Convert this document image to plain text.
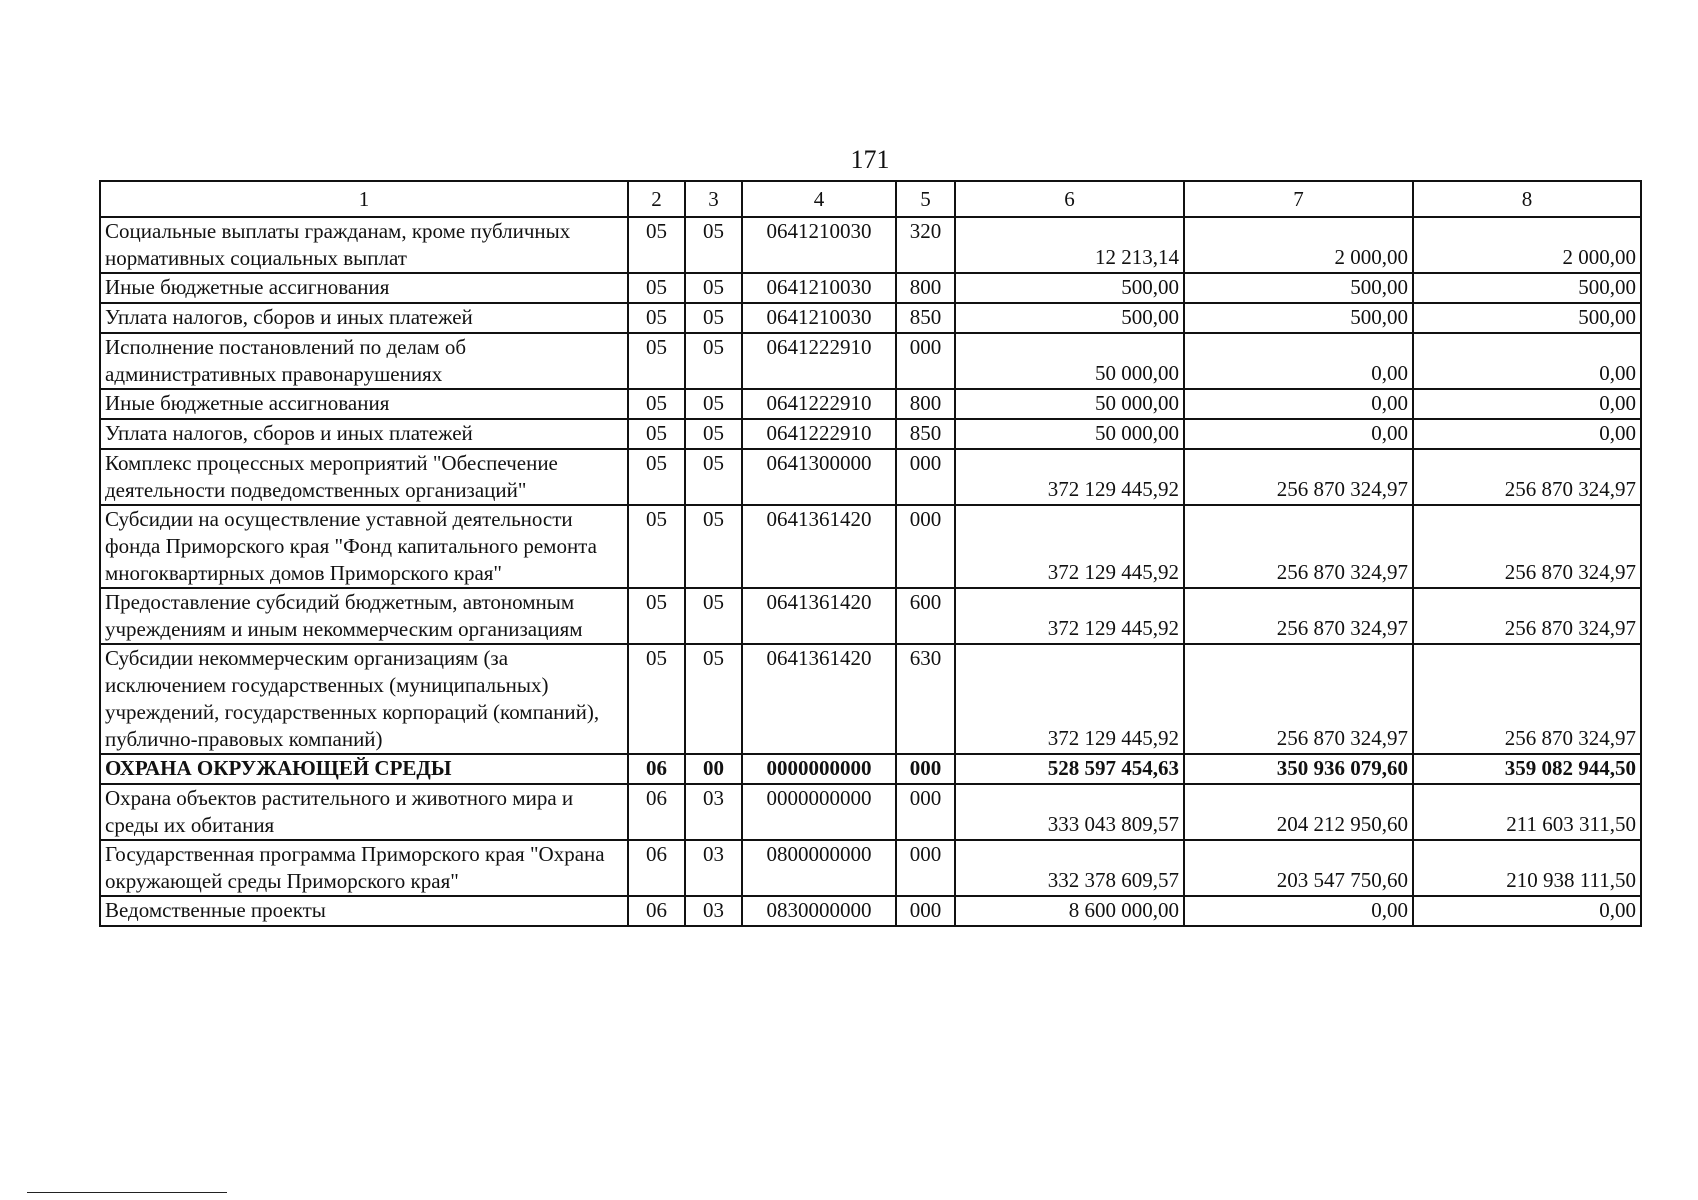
171
1	2	3	4	5	6	7	8
Социальные выплаты гражданам, кроме публичных нормативных социальных выплат	05	05	0641210030	320	12 213,14	2 000,00	2 000,00
Иные бюджетные ассигнования	05	05	0641210030	800	500,00	500,00	500,00
Уплата налогов, сборов и иных платежей	05	05	0641210030	850	500,00	500,00	500,00
Исполнение постановлений по делам об административных правонарушениях	05	05	0641222910	000	50 000,00	0,00	0,00
Иные бюджетные ассигнования	05	05	0641222910	800	50 000,00	0,00	0,00
Уплата налогов, сборов и иных платежей	05	05	0641222910	850	50 000,00	0,00	0,00
Комплекс процессных мероприятий "Обеспечение деятельности подведомственных организаций"	05	05	0641300000	000	372 129 445,92	256 870 324,97	256 870 324,97
Субсидии на осуществление уставной деятельности фонда Приморского края "Фонд капитального ремонта многоквартирных домов Приморского края"	05	05	0641361420	000	372 129 445,92	256 870 324,97	256 870 324,97
Предоставление субсидий бюджетным, автономным учреждениям и иным некоммерческим организациям	05	05	0641361420	600	372 129 445,92	256 870 324,97	256 870 324,97
Субсидии некоммерческим организациям (за исключением государственных (муниципальных) учреждений, государственных корпораций (компаний), публично-правовых компаний)	05	05	0641361420	630	372 129 445,92	256 870 324,97	256 870 324,97
ОХРАНА ОКРУЖАЮЩЕЙ СРЕДЫ	06	00	0000000000	000	528 597 454,63	350 936 079,60	359 082 944,50
Охрана объектов растительного и животного мира и среды их обитания	06	03	0000000000	000	333 043 809,57	204 212 950,60	211 603 311,50
Государственная программа Приморского края "Охрана окружающей среды Приморского края"	06	03	0800000000	000	332 378 609,57	203 547 750,60	210 938 111,50
Ведомственные проекты	06	03	0830000000	000	8 600 000,00	0,00	0,00
